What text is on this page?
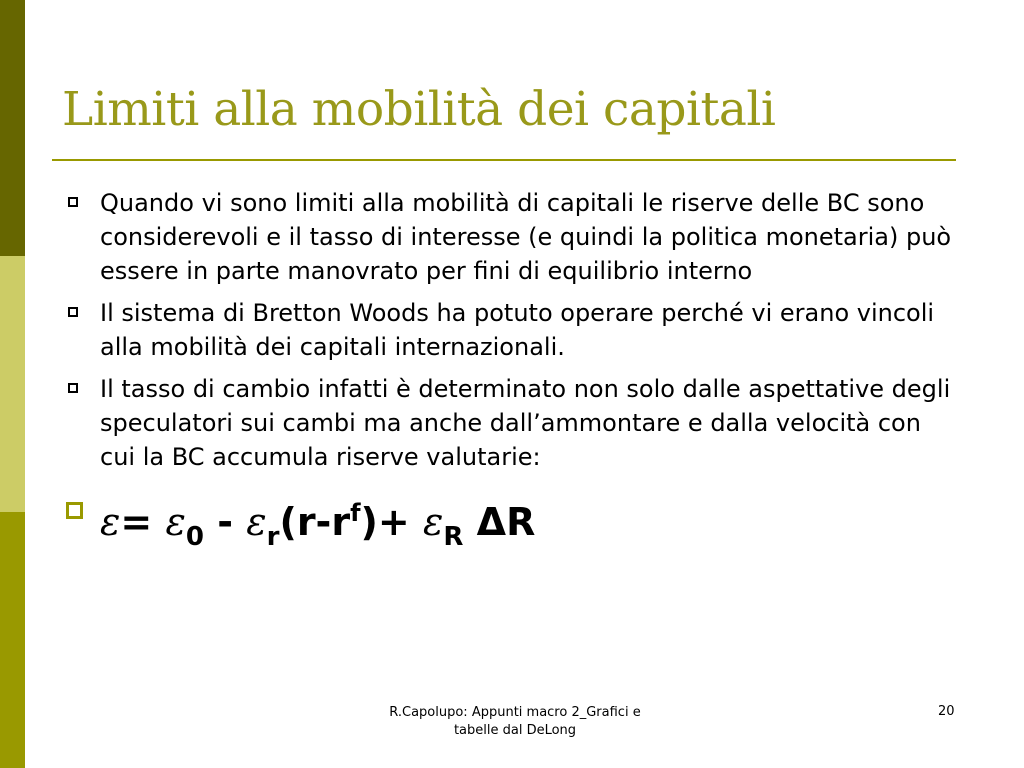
Limiti alla mobilità dei capitali
Quando vi sono limiti alla mobilità di capitali le riserve delle BC sono considerevoli e il tasso di interesse (e quindi la politica monetaria) può essere in parte manovrato per fini di equilibrio interno
Il sistema di Bretton Woods ha potuto operare perché vi erano vincoli alla mobilità dei capitali internazionali.
Il tasso di cambio infatti è determinato non solo dalle aspettative degli speculatori sui cambi ma anche dall’ammontare e dalla velocità con cui la BC accumula riserve valutarie:
$\varepsilon= \varepsilon_0 - \varepsilon_r(r-r^f)+ \varepsilon_R$ ΔR
R.Capolupo: Appunti macro 2_Grafici e
tabelle dal DeLong
20
